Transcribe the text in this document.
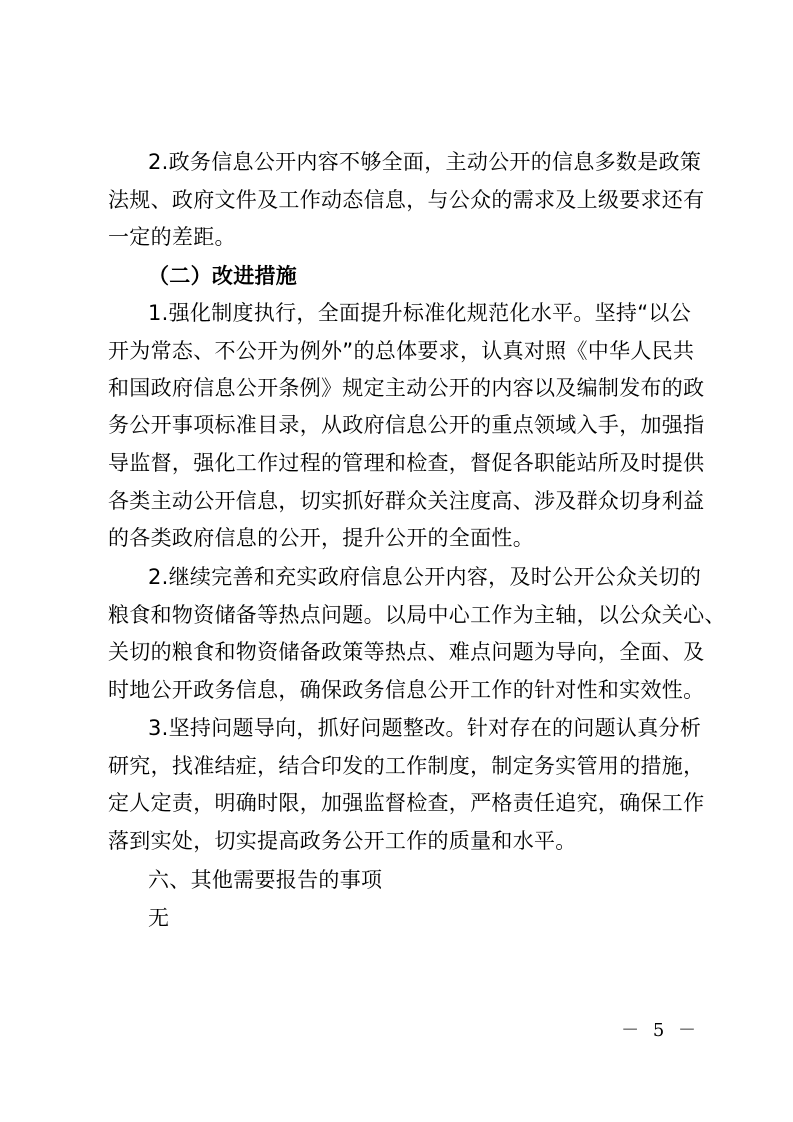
2.政务信息公开内容不够全面，主动公开的信息多数是政策
法规、政府文件及工作动态信息，与公众的需求及上级要求还有
一定的差距。
（二）改进措施
1.强化制度执行，全面提升标准化规范化水平。坚持“以公
开为常态、不公开为例外”的总体要求，认真对照《中华人民共
和国政府信息公开条例》规定主动公开的内容以及编制发布的政
务公开事项标准目录，从政府信息公开的重点领域入手，加强指
导监督，强化工作过程的管理和检查，督促各职能站所及时提供
各类主动公开信息，切实抓好群众关注度高、涉及群众切身利益
的各类政府信息的公开，提升公开的全面性。
2.继续完善和充实政府信息公开内容，及时公开公众关切的
粮食和物资储备等热点问题。以局中心工作为主轴，以公众关心、
关切的粮食和物资储备政策等热点、难点问题为导向，全面、及
时地公开政务信息，确保政务信息公开工作的针对性和实效性。
3.坚持问题导向，抓好问题整改。针对存在的问题认真分析
研究，找准结症，结合印发的工作制度，制定务实管用的措施，
定人定责，明确时限，加强监督检查，严格责任追究，确保工作
落到实处，切实提高政务公开工作的质量和水平。
六、其他需要报告的事项
无
－ 5 －
